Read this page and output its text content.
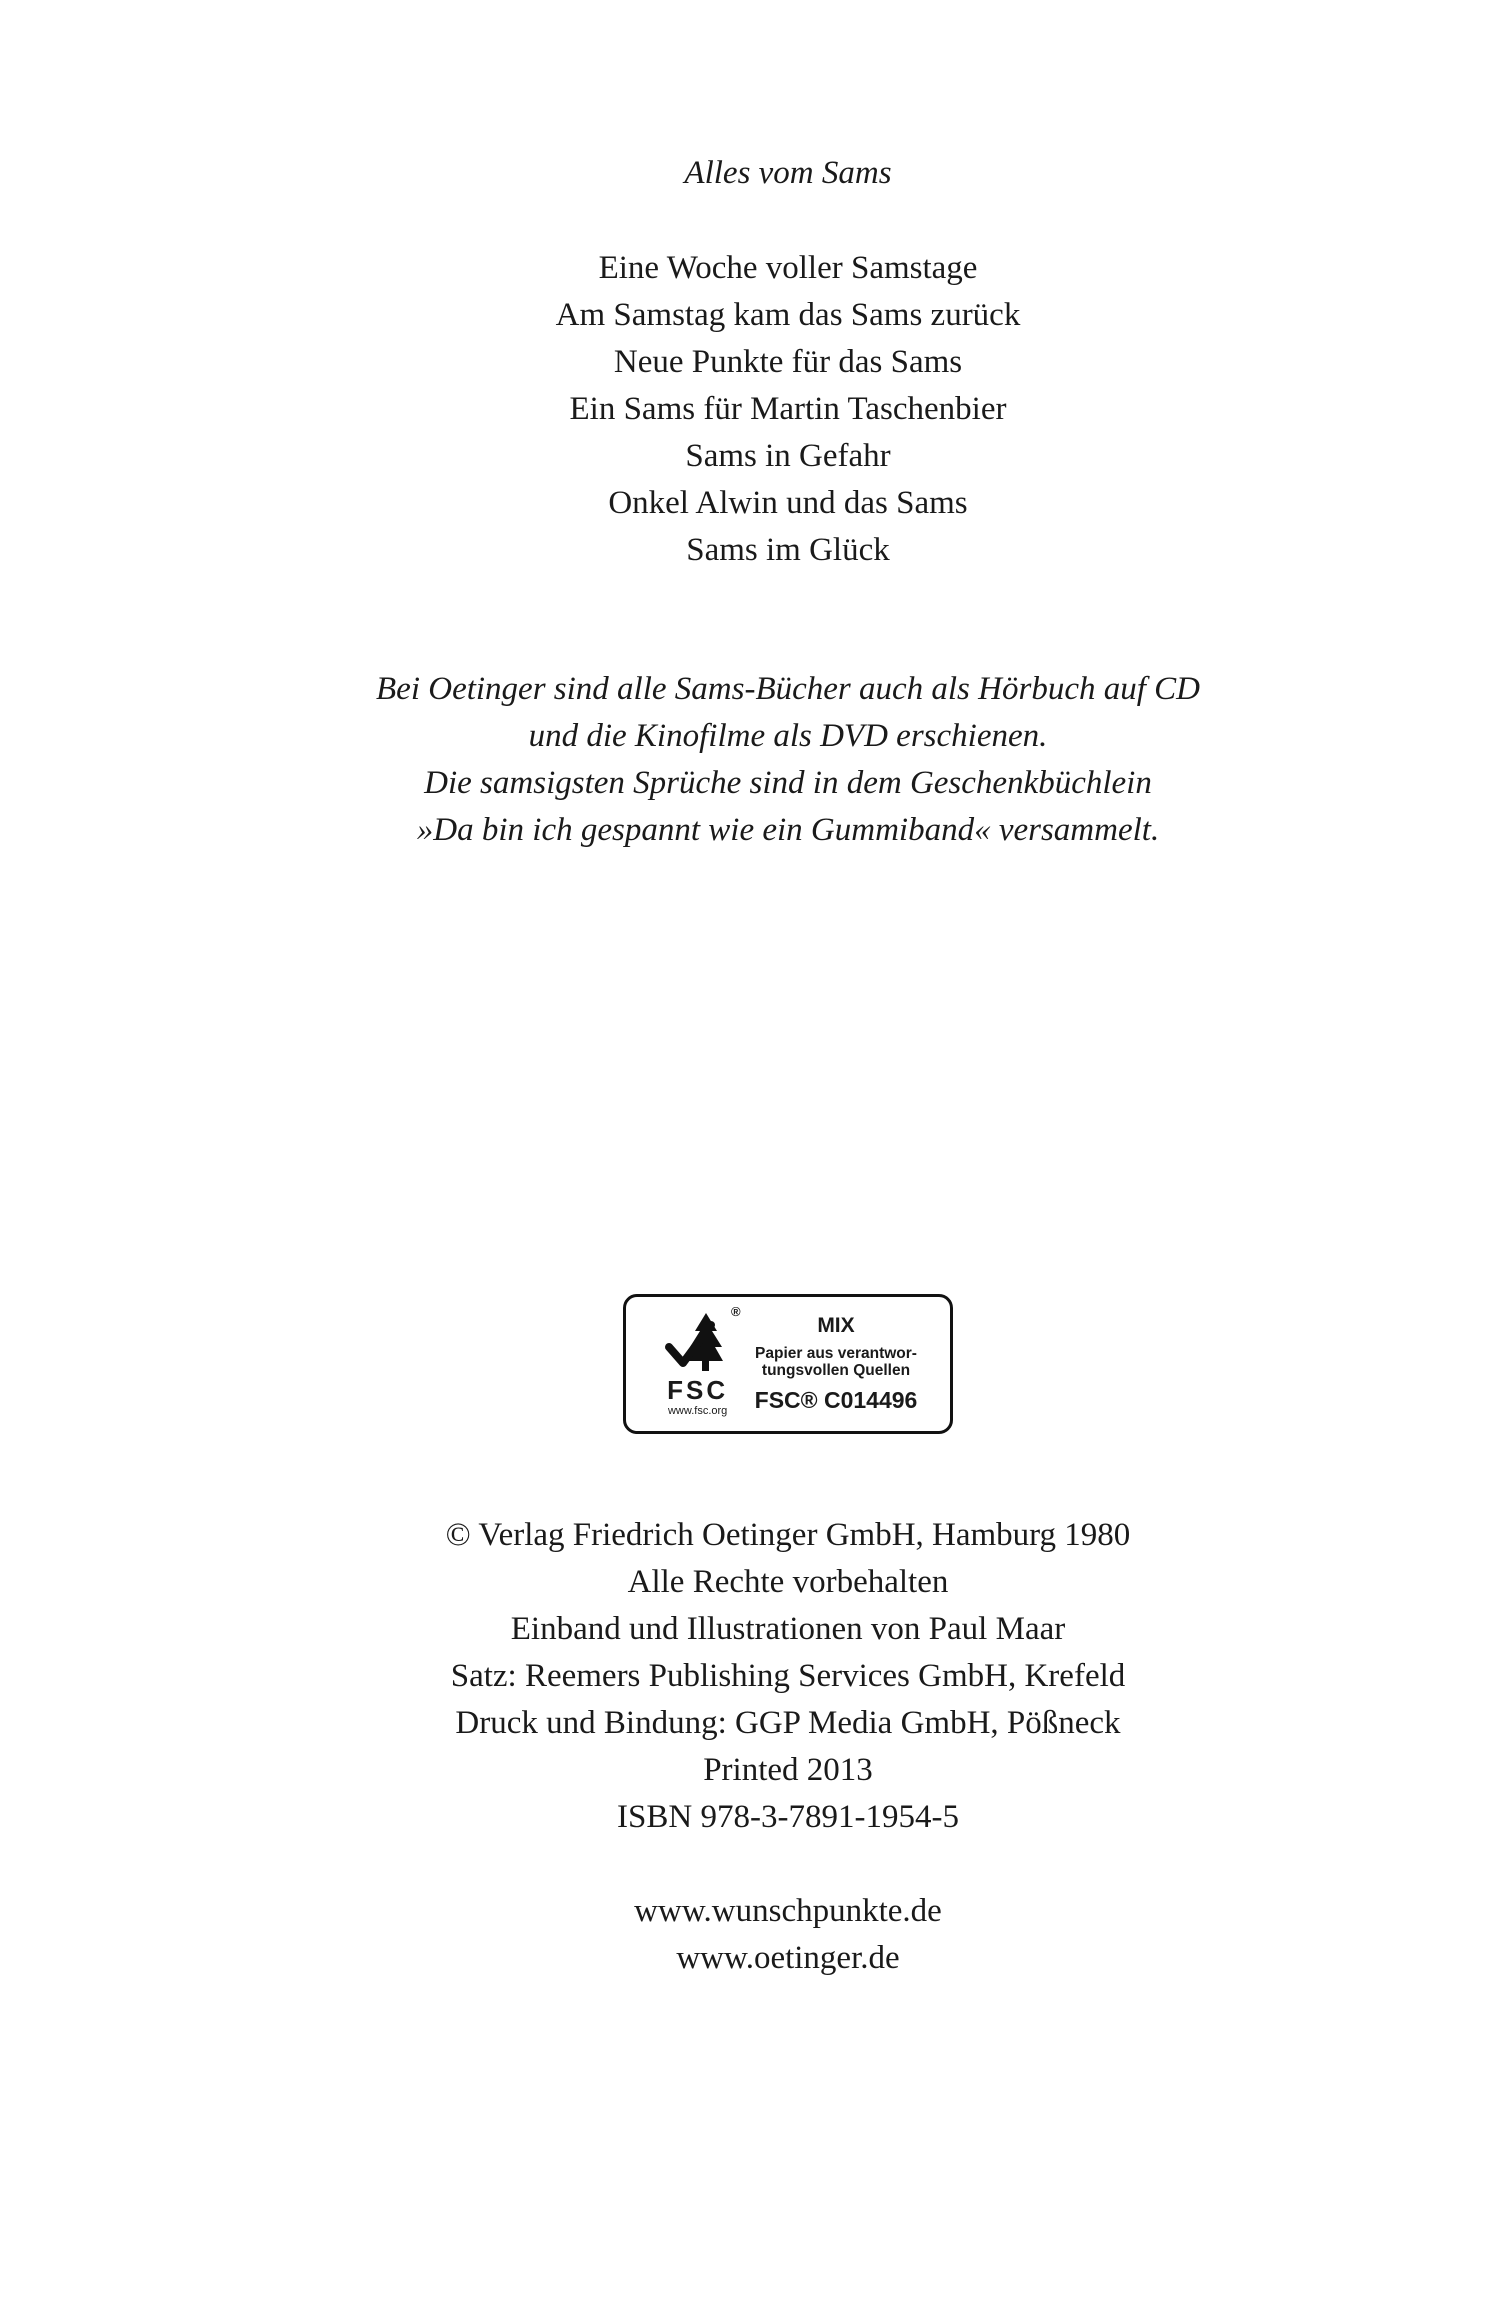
Alles vom Sams
Eine Woche voller Samstage
Am Samstag kam das Sams zurück
Neue Punkte für das Sams
Ein Sams für Martin Taschenbier
Sams in Gefahr
Onkel Alwin und das Sams
Sams im Glück
Bei Oetinger sind alle Sams-Bücher auch als Hörbuch auf CD
und die Kinofilme als DVD erschienen.
Die samsigsten Sprüche sind in dem Geschenkbüchlein
»Da bin ich gespannt wie ein Gummiband« versammelt.
®
FSC
www.fsc.org
MIX
Papier aus verantwor-
tungsvollen Quellen
FSC® C014496
© Verlag Friedrich Oetinger GmbH, Hamburg 1980
Alle Rechte vorbehalten
Einband und Illustrationen von Paul Maar
Satz: Reemers Publishing Services GmbH, Krefeld
Druck und Bindung: GGP Media GmbH, Pößneck
Printed 2013
ISBN 978-3-7891-1954-5
www.wunschpunkte.de
www.oetinger.de
